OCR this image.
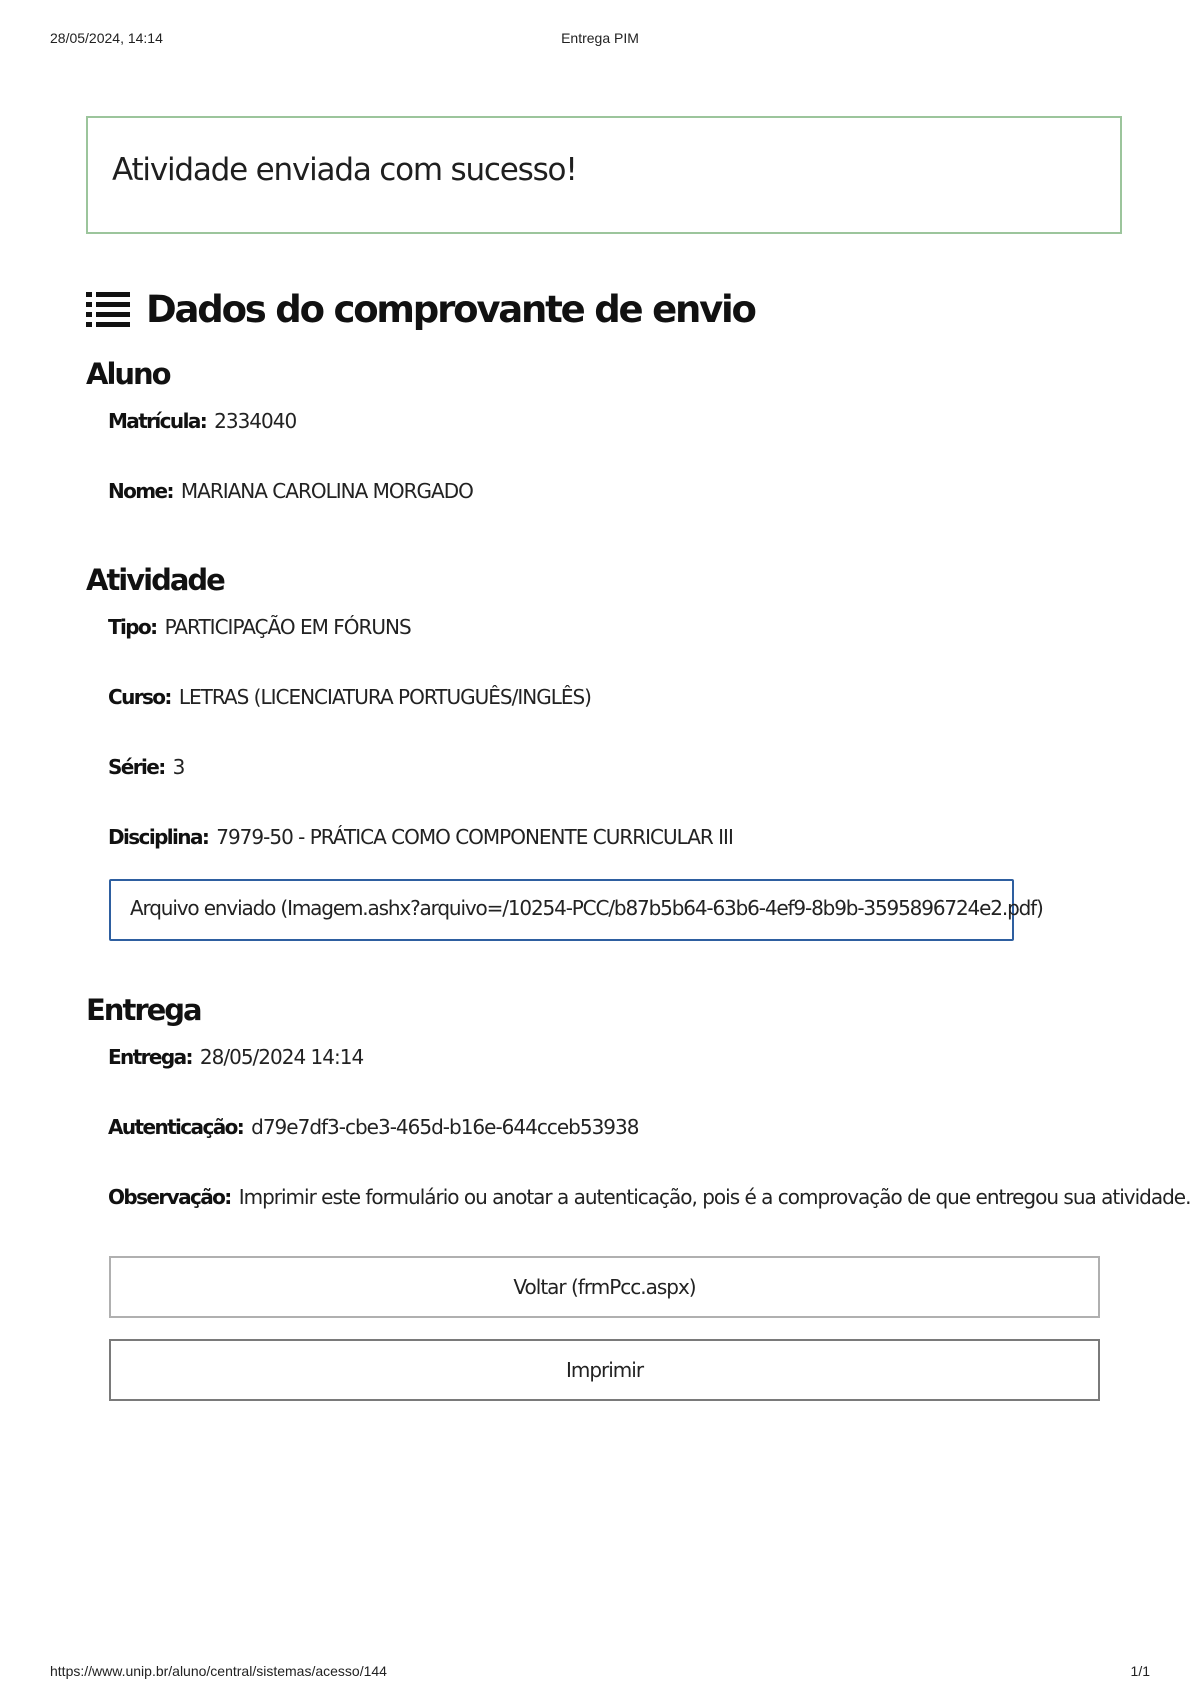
28/05/2024, 14:14	Entrega PIM
Atividade enviada com sucesso!
Dados do comprovante de envio
Aluno
Matrícula: 2334040
Nome: MARIANA CAROLINA MORGADO
Atividade
Tipo: PARTICIPAÇÃO EM FÓRUNS
Curso: LETRAS (LICENCIATURA PORTUGUÊS/INGLÊS)
Série: 3
Disciplina: 7979-50 - PRÁTICA COMO COMPONENTE CURRICULAR III
Arquivo enviado (Imagem.ashx?arquivo=/10254-PCC/b87b5b64-63b6-4ef9-8b9b-3595896724e2.pdf)
Entrega
Entrega: 28/05/2024 14:14
Autenticação: d79e7df3-cbe3-465d-b16e-644cceb53938
Observação: Imprimir este formulário ou anotar a autenticação, pois é a comprovação de que entregou sua atividade.
Voltar (frmPcc.aspx)
Imprimir
https://www.unip.br/aluno/central/sistemas/acesso/144	1/1
